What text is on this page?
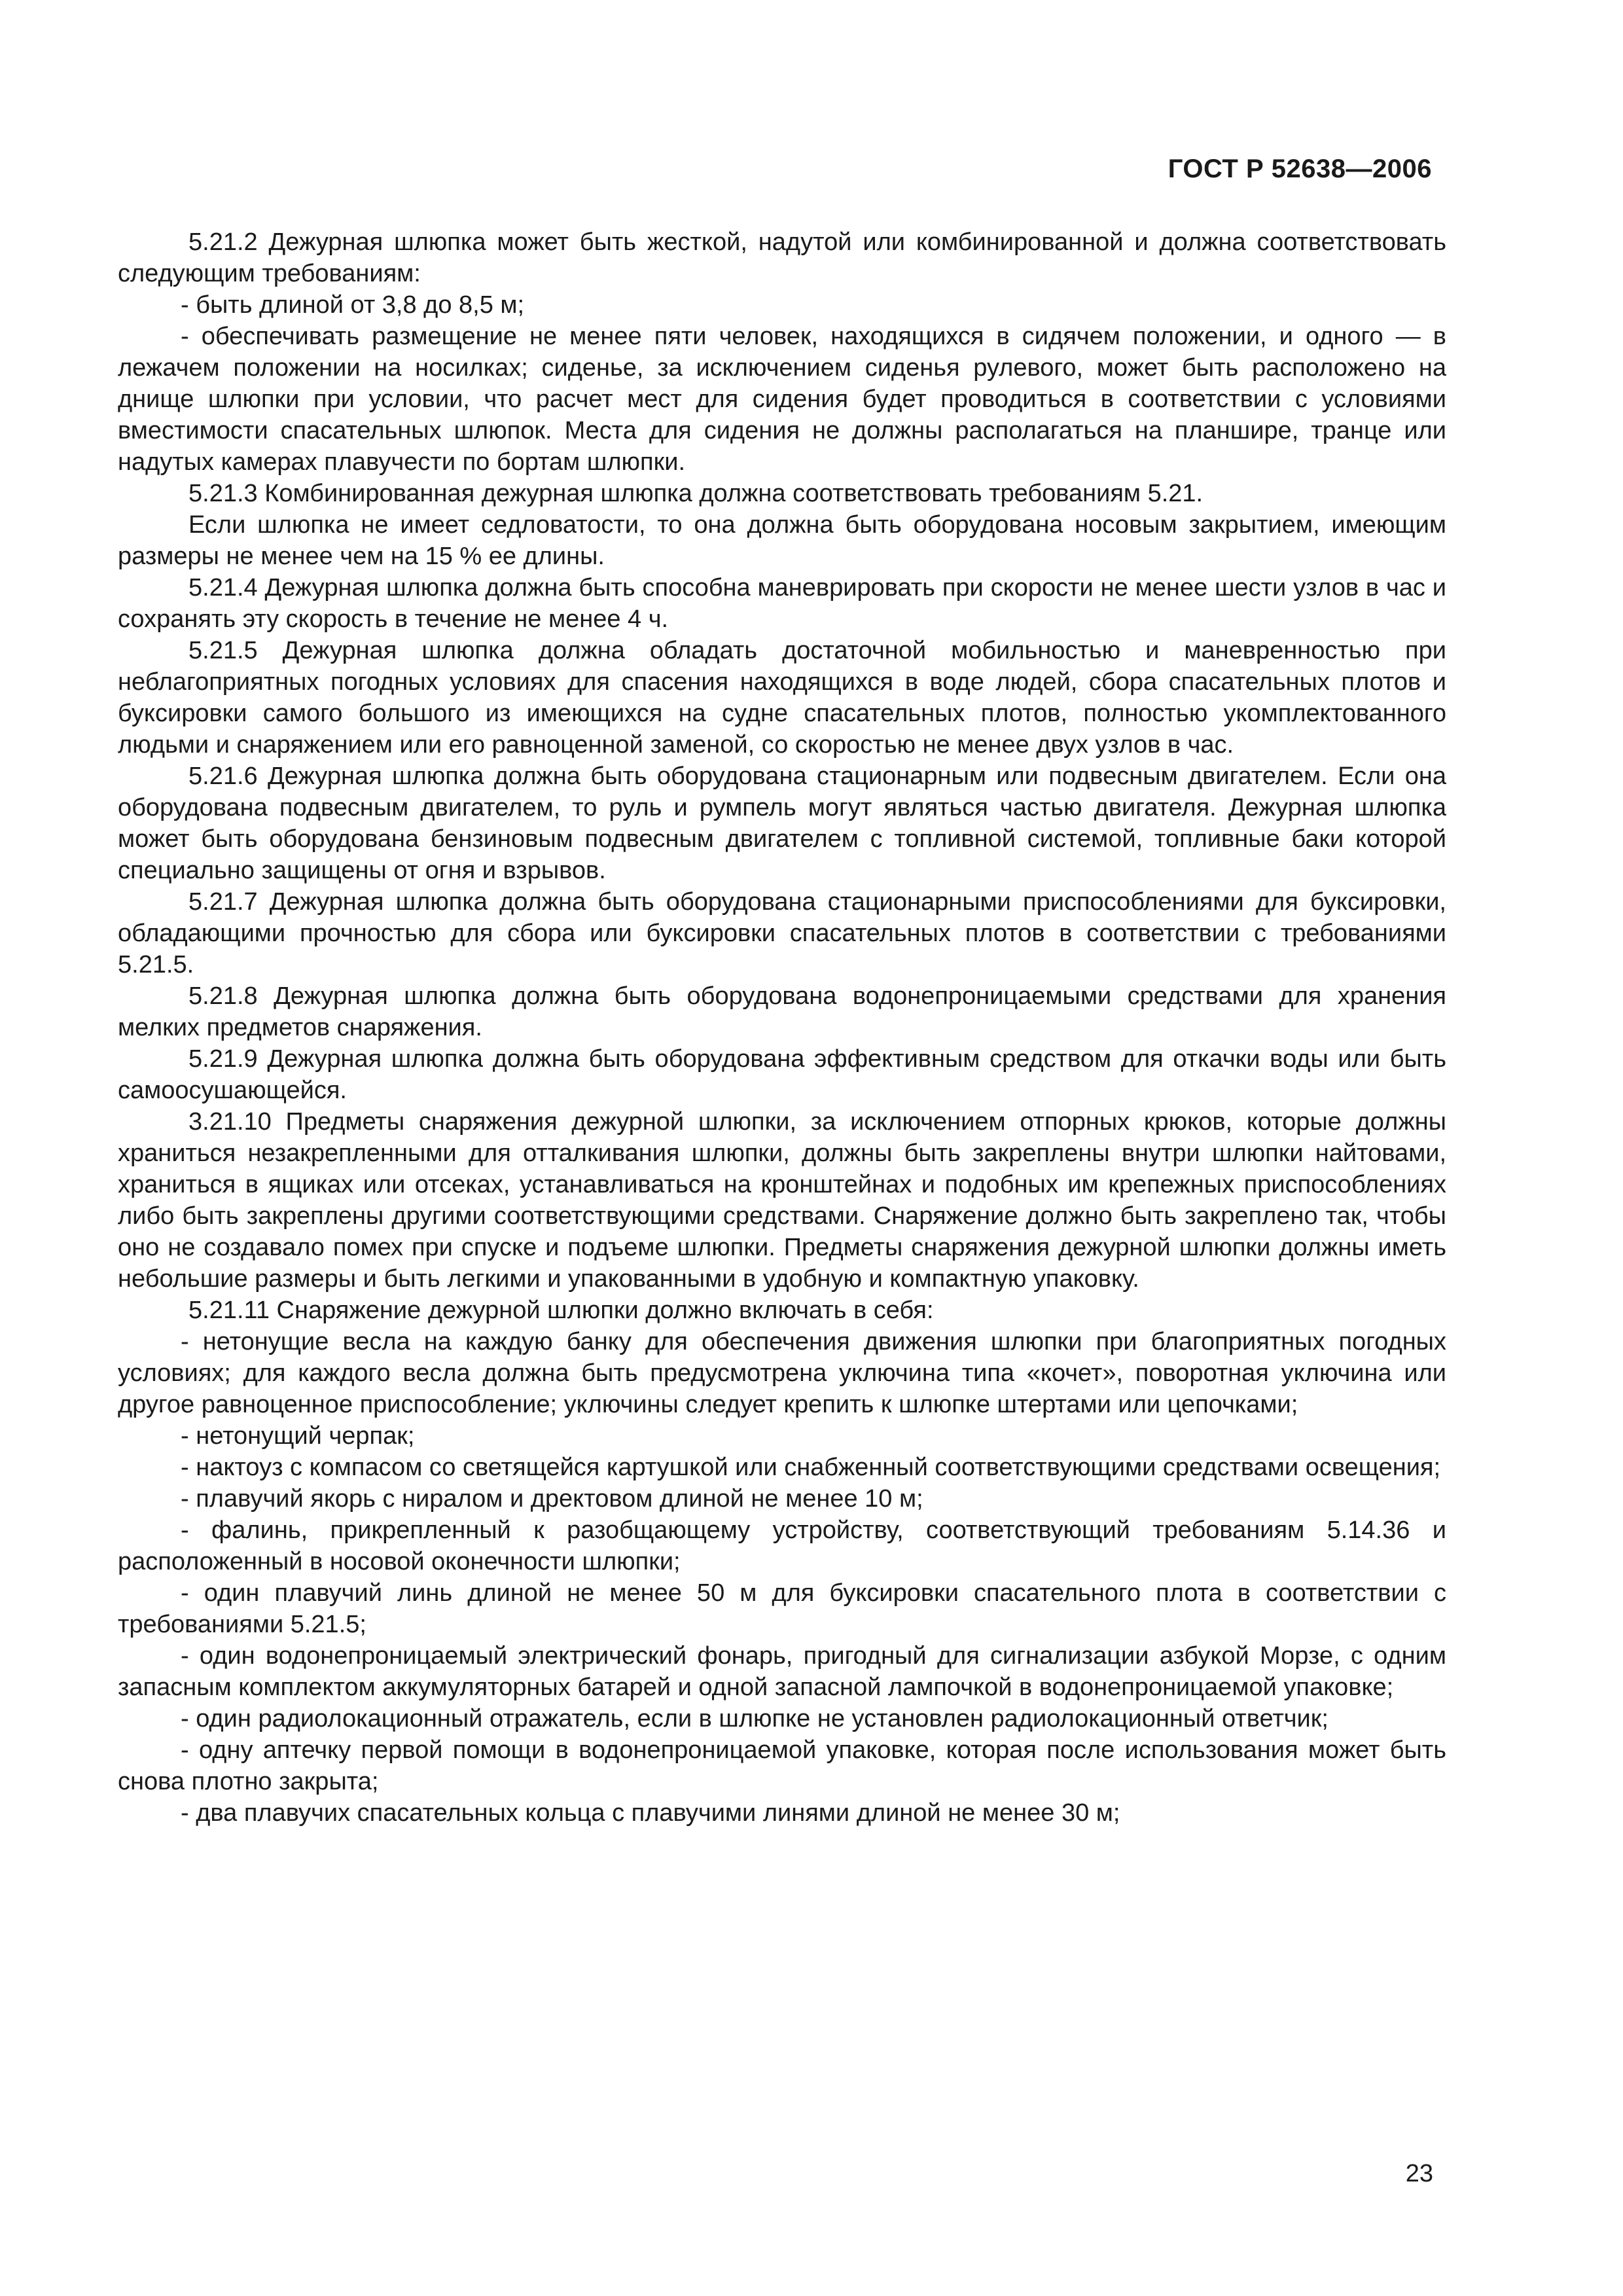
ГОСТ Р 52638—2006

5.21.2 Дежурная шлюпка может быть жесткой, надутой или комбинированной и должна соответствовать следующим требованиям:

- быть длиной от 3,8 до 8,5 м;

- обеспечивать размещение не менее пяти человек, находящихся в сидячем положении, и одного — в лежачем положении на носилках; сиденье, за исключением сиденья рулевого, может быть расположено на днище шлюпки при условии, что расчет мест для сидения будет проводиться в соответствии с условиями вместимости спасательных шлюпок. Места для сидения не должны располагаться на планшире, транце или надутых камерах плавучести по бортам шлюпки.

5.21.3 Комбинированная дежурная шлюпка должна соответствовать требованиям 5.21.

Если шлюпка не имеет седловатости, то она должна быть оборудована носовым закрытием, имеющим размеры не менее чем на 15 % ее длины.

5.21.4 Дежурная шлюпка должна быть способна маневрировать при скорости не менее шести узлов в час и сохранять эту скорость в течение не менее 4 ч.

5.21.5 Дежурная шлюпка должна обладать достаточной мобильностью и маневренностью при неблагоприятных погодных условиях для спасения находящихся в воде людей, сбора спасательных плотов и буксировки самого большого из имеющихся на судне спасательных плотов, полностью укомплектованного людьми и снаряжением или его равноценной заменой, со скоростью не менее двух узлов в час.

5.21.6 Дежурная шлюпка должна быть оборудована стационарным или подвесным двигателем. Если она оборудована подвесным двигателем, то руль и румпель могут являться частью двигателя. Дежурная шлюпка может быть оборудована бензиновым подвесным двигателем с топливной системой, топливные баки которой специально защищены от огня и взрывов.

5.21.7 Дежурная шлюпка должна быть оборудована стационарными приспособлениями для буксировки, обладающими прочностью для сбора или буксировки спасательных плотов в соответствии с требованиями 5.21.5.

5.21.8 Дежурная шлюпка должна быть оборудована водонепроницаемыми средствами для хранения мелких предметов снаряжения.

5.21.9 Дежурная шлюпка должна быть оборудована эффективным средством для откачки воды или быть самоосушающейся.

3.21.10 Предметы снаряжения дежурной шлюпки, за исключением отпорных крюков, которые должны храниться незакрепленными для отталкивания шлюпки, должны быть закреплены внутри шлюпки найтовами, храниться в ящиках или отсеках, устанавливаться на кронштейнах и подобных им крепежных приспособлениях либо быть закреплены другими соответствующими средствами. Снаряжение должно быть закреплено так, чтобы оно не создавало помех при спуске и подъеме шлюпки. Предметы снаряжения дежурной шлюпки должны иметь небольшие размеры и быть легкими и упакованными в удобную и компактную упаковку.

5.21.11 Снаряжение дежурной шлюпки должно включать в себя:

- нетонущие весла на каждую банку для обеспечения движения шлюпки при благоприятных погодных условиях; для каждого весла должна быть предусмотрена уключина типа «кочет», поворотная уключина или другое равноценное приспособление; уключины следует крепить к шлюпке штертами или цепочками;

- нетонущий черпак;

- нактоуз с компасом со светящейся картушкой или снабженный соответствующими средствами освещения;

- плавучий якорь с ниралом и дректовом длиной не менее 10 м;

- фалинь, прикрепленный к разобщающему устройству, соответствующий требованиям 5.14.36 и расположенный в носовой оконечности шлюпки;

- один плавучий линь длиной не менее 50 м для буксировки спасательного плота в соответствии с требованиями 5.21.5;

- один водонепроницаемый электрический фонарь, пригодный для сигнализации азбукой Морзе, с одним запасным комплектом аккумуляторных батарей и одной запасной лампочкой в водонепроницаемой упаковке;

- один радиолокационный отражатель, если в шлюпке не установлен радиолокационный ответчик;

- одну аптечку первой помощи в водонепроницаемой упаковке, которая после использования может быть снова плотно закрыта;

- два плавучих спасательных кольца с плавучими линями длиной не менее 30 м;

23
